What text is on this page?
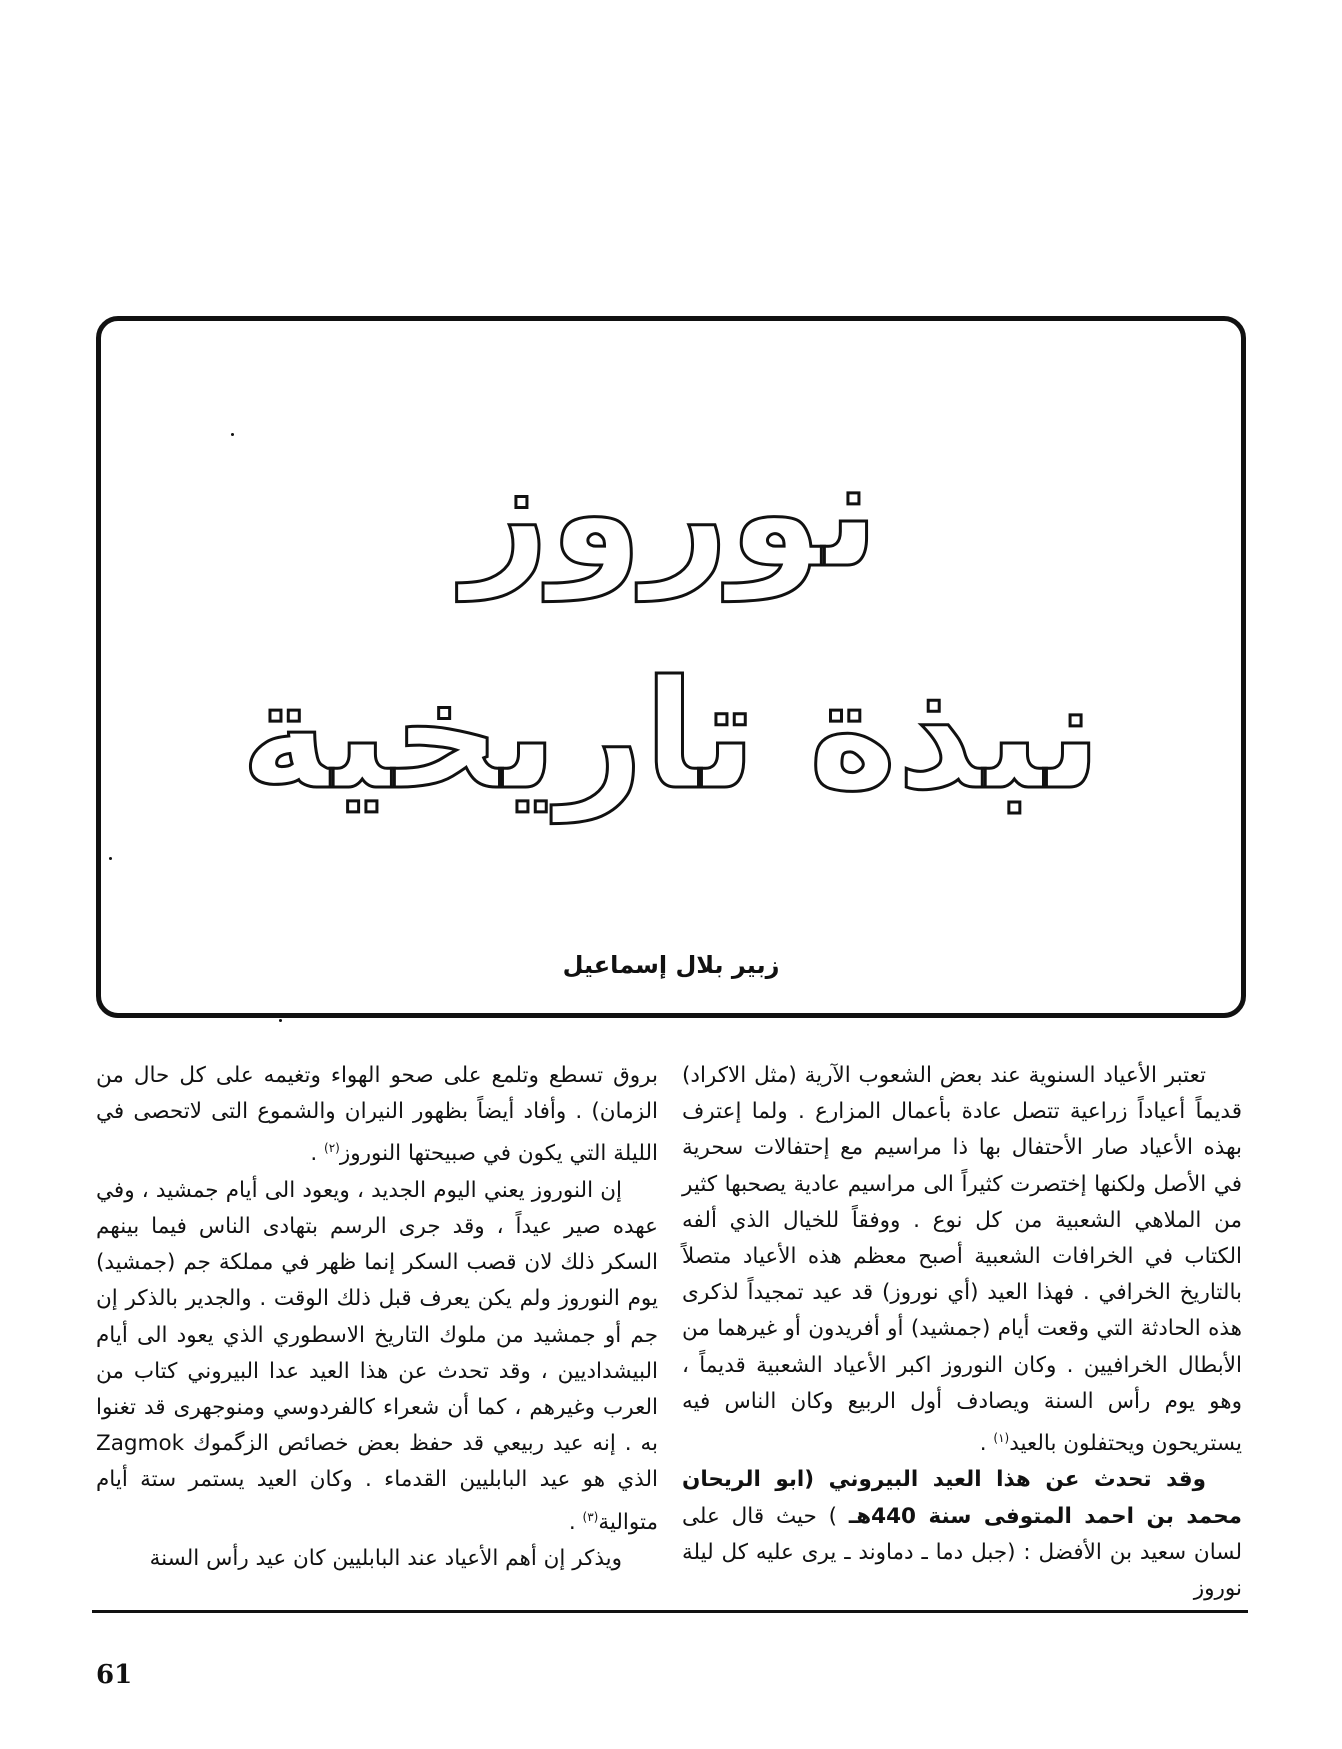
نوروز
نبذة تاريخية
زبير بلال إسماعيل

تعتبر الأعياد السنوية عند بعض الشعوب الآرية (مثل الاكراد) قديماً أعياداً زراعية تتصل عادة بأعمال المزارع . ولما إعترف بهذه الأعياد صار الأحتفال بها ذا مراسيم مع إحتفالات سحرية في الأصل ولكنها إختصرت كثيراً الى مراسيم عادية يصحبها كثير من الملاهي الشعبية من كل نوع . ووفقاً للخيال الذي ألفه الكتاب في الخرافات الشعبية أصبح معظم هذه الأعياد متصلاً بالتاريخ الخرافي . فهذا العيد (أي نوروز) قد عيد تمجيداً لذكرى هذه الحادثة التي وقعت أيام (جمشيد) أو أفريدون أو غيرهما من الأبطال الخرافيين . وكان النوروز اكبر الأعياد الشعبية قديماً ، وهو يوم رأس السنة ويصادف أول الربيع وكان الناس فيه يستريحون ويحتفلون بالعيد$^{(١)}$ .

وقد تحدث عن هذا العيد البيروني (ابو الريحان محمد بن احمد المتوفى سنة 440هـ ) حيث قال على لسان سعيد بن الأفضل : (جبل دما ـ دماوند ـ يرى عليه كل ليلة نوروز

بروق تسطع وتلمع على صحو الهواء وتغيمه على كل حال من الزمان) . وأفاد أيضاً بظهور النيران والشموع التى لاتحصى في الليلة التي يكون في صبيحتها النوروز$^{(٢)}$ .

إن النوروز يعني اليوم الجديد ، ويعود الى أيام جمشيد ، وفي عهده صير عيداً ، وقد جرى الرسم بتهادى الناس فيما بينهم السكر ذلك لان قصب السكر إنما ظهر في مملكة جم (جمشيد) يوم النوروز ولم يكن يعرف قبل ذلك الوقت . والجدير بالذكر إن جم أو جمشيد من ملوك التاريخ الاسطوري الذي يعود الى أيام البيشداديين ، وقد تحدث عن هذا العيد عدا البيروني كتاب من العرب وغيرهم ، كما أن شعراء كالفردوسي ومنوجهرى قد تغنوا به . إنه عيد ربيعي قد حفظ بعض خصائص الزگموك Zagmok الذي هو عيد البابليين القدماء . وكان العيد يستمر ستة أيام متوالية$^{(٣)}$ .

ويذكر إن أهم الأعياد عند البابليين كان عيد رأس السنة

61
